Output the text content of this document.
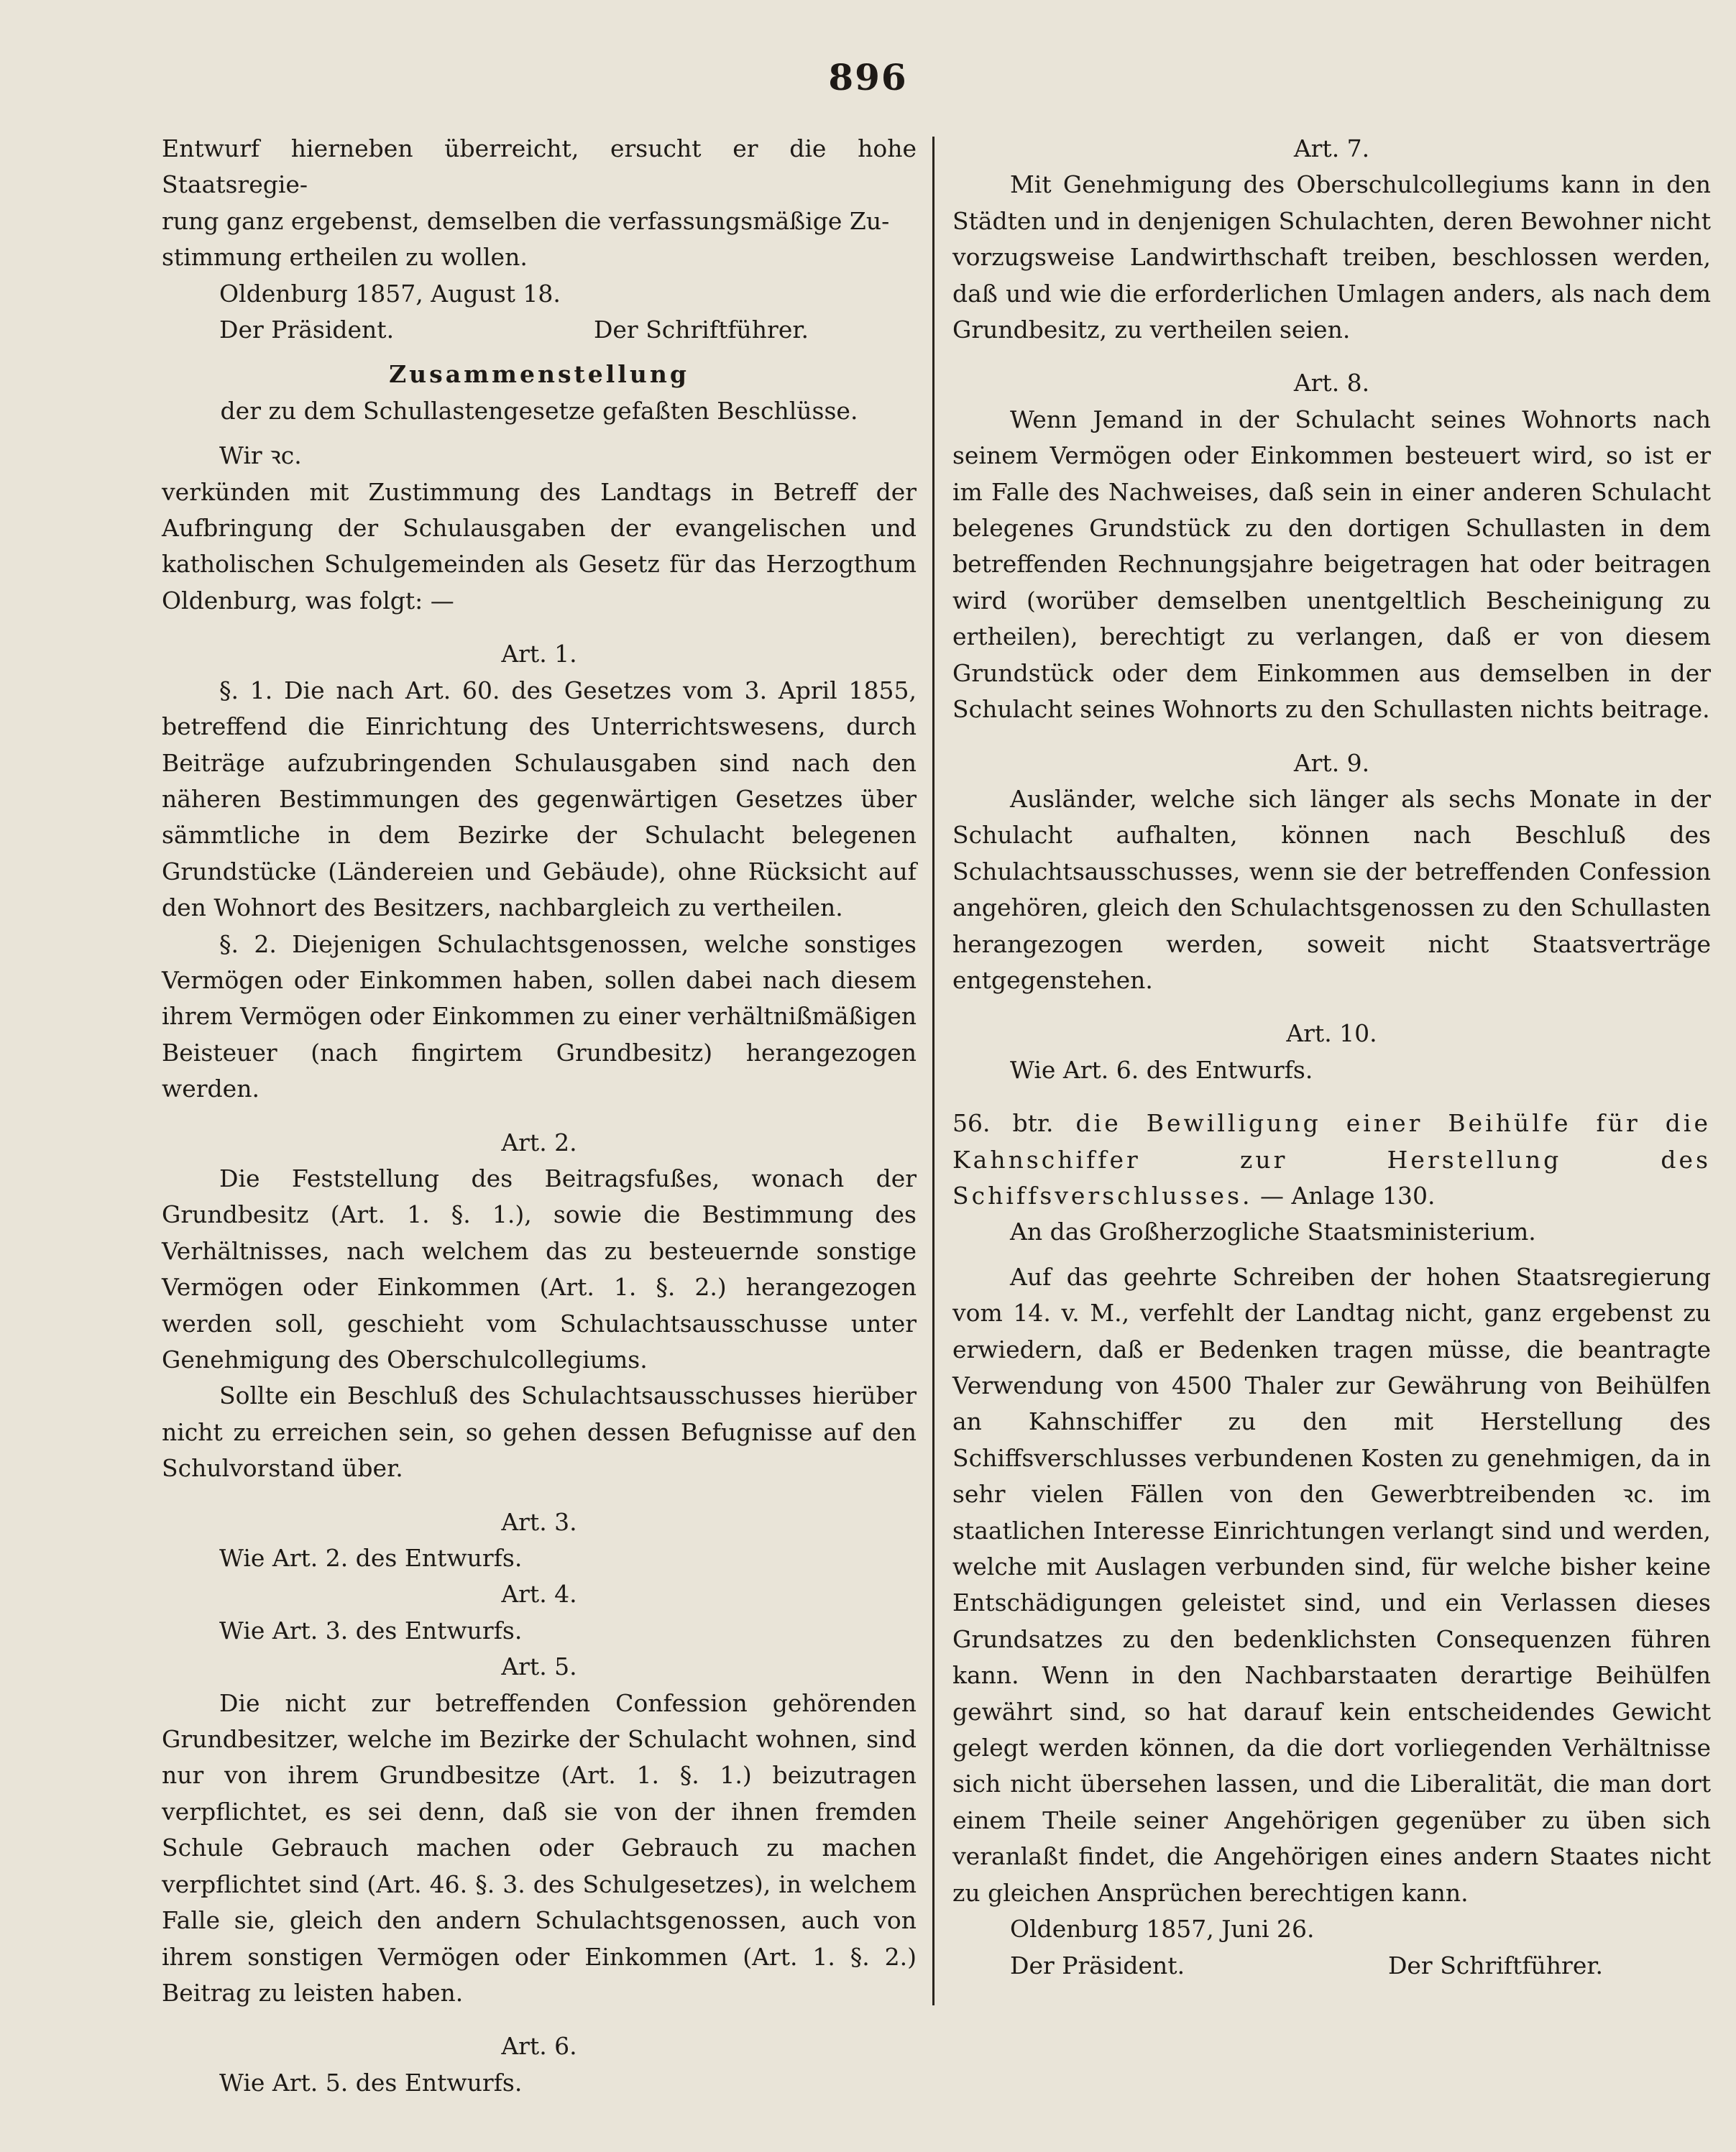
896

Entwurf hierneben überreicht, ersucht er die hohe Staatsregie-

rung ganz ergebenst, demselben die verfassungsmäßige Zu-

stimmung ertheilen zu wollen.

Oldenburg 1857, August 18.

Der Präsident.	Der Schriftführer.
Zusammenstellung
der zu dem Schullastengesetze gefaßten Beschlüsse.

Wir ꝛc.

verkünden mit Zustimmung des Landtags in Betreff der Aufbringung der Schulausgaben der evangelischen und katholischen Schulgemeinden als Gesetz für das Herzogthum Oldenburg, was folgt: —

Art. 1.

§. 1. Die nach Art. 60. des Gesetzes vom 3. April 1855, betreffend die Einrichtung des Unterrichtswesens, durch Beiträge aufzubringenden Schulausgaben sind nach den näheren Bestimmungen des gegenwärtigen Gesetzes über sämmtliche in dem Bezirke der Schulacht belegenen Grundstücke (Ländereien und Gebäude), ohne Rücksicht auf den Wohnort des Besitzers, nachbargleich zu vertheilen.

§. 2. Diejenigen Schulachtsgenossen, welche sonstiges Vermögen oder Einkommen haben, sollen dabei nach diesem ihrem Vermögen oder Einkommen zu einer verhältnißmäßigen Beisteuer (nach fingirtem Grundbesitz) herangezogen werden.

Art. 2.

Die Feststellung des Beitragsfußes, wonach der Grundbesitz (Art. 1. §. 1.), sowie die Bestimmung des Verhältnisses, nach welchem das zu besteuernde sonstige Vermögen oder Einkommen (Art. 1. §. 2.) herangezogen werden soll, geschieht vom Schulachtsausschusse unter Genehmigung des Oberschulcollegiums.

Sollte ein Beschluß des Schulachtsausschusses hierüber nicht zu erreichen sein, so gehen dessen Befugnisse auf den Schulvorstand über.

Art. 3.

Wie Art. 2. des Entwurfs.

Art. 4.

Wie Art. 3. des Entwurfs.

Art. 5.

Die nicht zur betreffenden Confession gehörenden Grundbesitzer, welche im Bezirke der Schulacht wohnen, sind nur von ihrem Grundbesitze (Art. 1. §. 1.) beizutragen verpflichtet, es sei denn, daß sie von der ihnen fremden Schule Gebrauch machen oder Gebrauch zu machen verpflichtet sind (Art. 46. §. 3. des Schulgesetzes), in welchem Falle sie, gleich den andern Schulachtsgenossen, auch von ihrem sonstigen Vermögen oder Einkommen (Art. 1. §. 2.) Beitrag zu leisten haben.

Art. 6.

Wie Art. 5. des Entwurfs.

Art. 7.

Mit Genehmigung des Oberschulcollegiums kann in den Städten und in denjenigen Schulachten, deren Bewohner nicht vorzugsweise Landwirthschaft treiben, beschlossen werden, daß und wie die erforderlichen Umlagen anders, als nach dem Grundbesitz, zu vertheilen seien.

Art. 8.

Wenn Jemand in der Schulacht seines Wohnorts nach seinem Vermögen oder Einkommen besteuert wird, so ist er im Falle des Nachweises, daß sein in einer anderen Schulacht belegenes Grundstück zu den dortigen Schullasten in dem betreffenden Rechnungsjahre beigetragen hat oder beitragen wird (worüber demselben unentgeltlich Bescheinigung zu ertheilen), berechtigt zu verlangen, daß er von diesem Grundstück oder dem Einkommen aus demselben in der Schulacht seines Wohnorts zu den Schullasten nichts beitrage.

Art. 9.

Ausländer, welche sich länger als sechs Monate in der Schulacht aufhalten, können nach Beschluß des Schulachtsausschusses, wenn sie der betreffenden Confession angehören, gleich den Schulachtsgenossen zu den Schullasten herangezogen werden, soweit nicht Staatsverträge entgegenstehen.

Art. 10.

Wie Art. 6. des Entwurfs.

56. btr. die Bewilligung einer Beihülfe für die Kahnschiffer zur Herstellung des Schiffsverschlusses. — Anlage 130.

An das Großherzogliche Staatsministerium.

Auf das geehrte Schreiben der hohen Staatsregierung vom 14. v. M., verfehlt der Landtag nicht, ganz ergebenst zu erwiedern, daß er Bedenken tragen müsse, die beantragte Verwendung von 4500 Thaler zur Gewährung von Beihülfen an Kahnschiffer zu den mit Herstellung des Schiffsverschlusses verbundenen Kosten zu genehmigen, da in sehr vielen Fällen von den Gewerbtreibenden ꝛc. im staatlichen Interesse Einrichtungen verlangt sind und werden, welche mit Auslagen verbunden sind, für welche bisher keine Entschädigungen geleistet sind, und ein Verlassen dieses Grundsatzes zu den bedenklichsten Consequenzen führen kann. Wenn in den Nachbarstaaten derartige Beihülfen gewährt sind, so hat darauf kein entscheidendes Gewicht gelegt werden können, da die dort vorliegenden Verhältnisse sich nicht übersehen lassen, und die Liberalität, die man dort einem Theile seiner Angehörigen gegenüber zu üben sich veranlaßt findet, die Angehörigen eines andern Staates nicht zu gleichen Ansprüchen berechtigen kann.

Oldenburg 1857, Juni 26.

Der Präsident.	Der Schriftführer.
